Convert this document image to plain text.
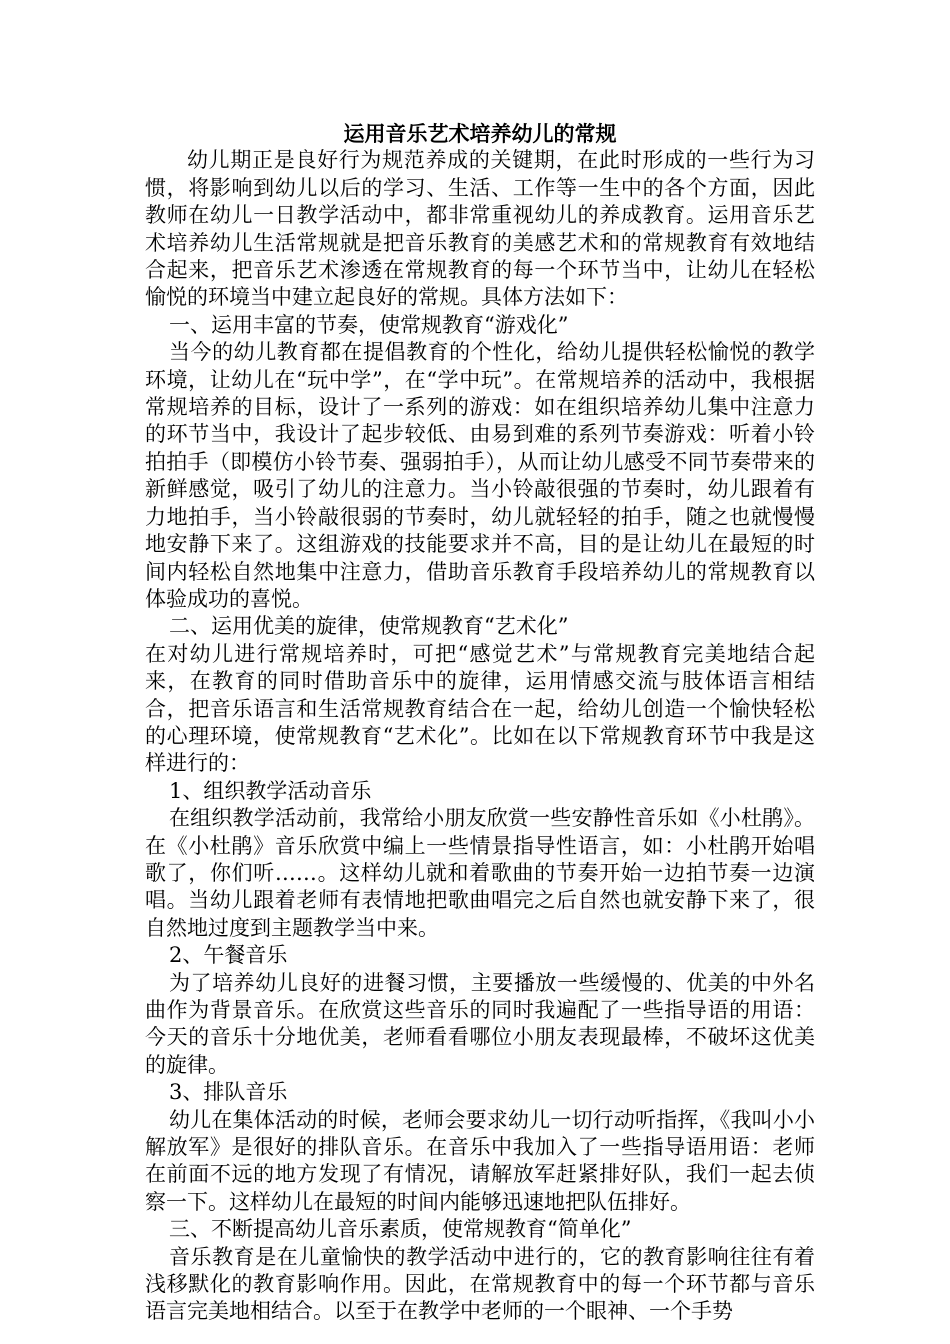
运用音乐艺术培养幼儿的常规

幼儿期正是良好行为规范养成的关键期，在此时形成的一些行为习惯，将影响到幼儿以后的学习、生活、工作等一生中的各个方面，因此教师在幼儿一日教学活动中，都非常重视幼儿的养成教育。运用音乐艺术培养幼儿生活常规就是把音乐教育的美感艺术和的常规教育有效地结合起来，把音乐艺术渗透在常规教育的每一个环节当中，让幼儿在轻松愉悦的环境当中建立起良好的常规。具体方法如下：

一、运用丰富的节奏，使常规教育“游戏化”

当今的幼儿教育都在提倡教育的个性化，给幼儿提供轻松愉悦的教学环境，让幼儿在“玩中学”，在“学中玩”。在常规培养的活动中，我根据常规培养的目标，设计了一系列的游戏：如在组织培养幼儿集中注意力的环节当中，我设计了起步较低、由易到难的系列节奏游戏：听着小铃拍拍手（即模仿小铃节奏、强弱拍手），从而让幼儿感受不同节奏带来的新鲜感觉，吸引了幼儿的注意力。当小铃敲很强的节奏时，幼儿跟着有力地拍手，当小铃敲很弱的节奏时，幼儿就轻轻的拍手，随之也就慢慢地安静下来了。这组游戏的技能要求并不高，目的是让幼儿在最短的时间内轻松自然地集中注意力，借助音乐教育手段培养幼儿的常规教育以体验成功的喜悦。

二、运用优美的旋律，使常规教育“艺术化”

在对幼儿进行常规培养时，可把“感觉艺术”与常规教育完美地结合起来，在教育的同时借助音乐中的旋律，运用情感交流与肢体语言相结合，把音乐语言和生活常规教育结合在一起，给幼儿创造一个愉快轻松的心理环境，使常规教育“艺术化”。比如在以下常规教育环节中我是这样进行的：

1、组织教学活动音乐

在组织教学活动前，我常给小朋友欣赏一些安静性音乐如《小杜鹃》。在《小杜鹃》音乐欣赏中编上一些情景指导性语言，如：小杜鹃开始唱歌了，你们听……。这样幼儿就和着歌曲的节奏开始一边拍节奏一边演唱。当幼儿跟着老师有表情地把歌曲唱完之后自然也就安静下来了，很自然地过度到主题教学当中来。

2、午餐音乐

为了培养幼儿良好的进餐习惯，主要播放一些缓慢的、优美的中外名曲作为背景音乐。在欣赏这些音乐的同时我遍配了一些指导语的用语：今天的音乐十分地优美，老师看看哪位小朋友表现最棒，不破坏这优美的旋律。

3、排队音乐

幼儿在集体活动的时候，老师会要求幼儿一切行动听指挥，《我叫小小解放军》是很好的排队音乐。在音乐中我加入了一些指导语用语：老师在前面不远的地方发现了有情况，请解放军赶紧排好队，我们一起去侦察一下。这样幼儿在最短的时间内能够迅速地把队伍排好。

三、不断提高幼儿音乐素质，使常规教育“简单化”

音乐教育是在儿童愉快的教学活动中进行的，它的教育影响往往有着浅移默化的教育影响作用。因此，在常规教育中的每一个环节都与音乐语言完美地相结合。以至于在教学中老师的一个眼神、一个手势
